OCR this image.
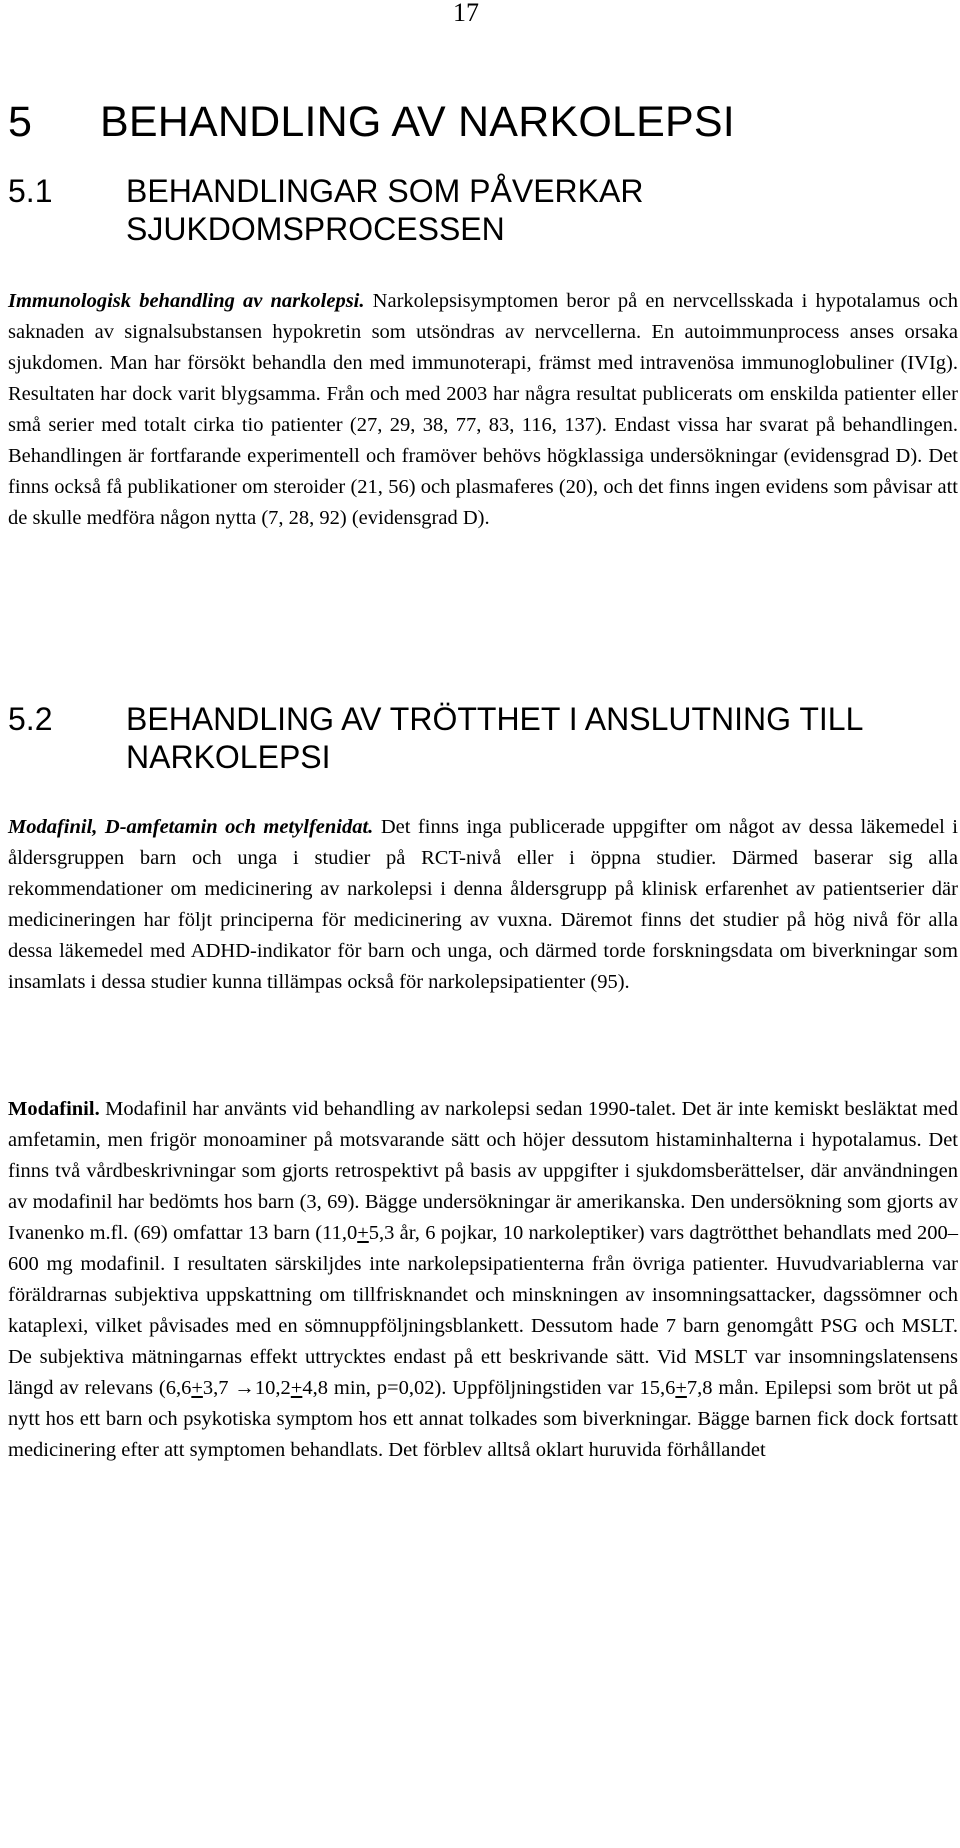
17
5 BEHANDLING AV NARKOLEPSI
5.1 BEHANDLINGAR SOM PÅVERKAR
SJUKDOMSPROCESSEN
Immunologisk behandling av narkolepsi. Narkolepsisymptomen beror på en nervcellsskada i hypotalamus och saknaden av signalsubstansen hypokretin som utsöndras av nervcellerna. En autoimmunprocess anses orsaka sjukdomen. Man har försökt behandla den med immunoterapi, främst med intravenösa immunoglobuliner (IVIg). Resultaten har dock varit blygsamma. Från och med 2003 har några resultat publicerats om enskilda patienter eller små serier med totalt cirka tio patienter (27, 29, 38, 77, 83, 116, 137). Endast vissa har svarat på behandlingen. Behandlingen är fortfarande experimentell och framöver behövs högklassiga undersökningar (evidensgrad D). Det finns också få publikationer om steroider (21, 56) och plasmaferes (20), och det finns ingen evidens som påvisar att de skulle medföra någon nytta (7, 28, 92) (evidensgrad D).
5.2 BEHANDLING AV TRÖTTHET I ANSLUTNING TILL
NARKOLEPSI
Modafinil, D-amfetamin och metylfenidat. Det finns inga publicerade uppgifter om något av dessa läkemedel i åldersgruppen barn och unga i studier på RCT-nivå eller i öppna studier. Därmed baserar sig alla rekommendationer om medicinering av narkolepsi i denna åldersgrupp på klinisk erfarenhet av patientserier där medicineringen har följt principerna för medicinering av vuxna. Däremot finns det studier på hög nivå för alla dessa läkemedel med ADHD-indikator för barn och unga, och därmed torde forskningsdata om biverkningar som insamlats i dessa studier kunna tillämpas också för narkolepsipatienter (95).
Modafinil. Modafinil har använts vid behandling av narkolepsi sedan 1990-talet. Det är inte kemiskt besläktat med amfetamin, men frigör monoaminer på motsvarande sätt och höjer dessutom histaminhalterna i hypotalamus. Det finns två vårdbeskrivningar som gjorts retrospektivt på basis av uppgifter i sjukdomsberättelser, där användningen av modafinil har bedömts hos barn (3, 69). Bägge undersökningar är amerikanska. Den undersökning som gjorts av Ivanenko m.fl. (69) omfattar 13 barn (11,0+5,3 år, 6 pojkar, 10 narkoleptiker) vars dagtrötthet behandlats med 200–600 mg modafinil. I resultaten särskiljdes inte narkolepsipatienterna från övriga patienter. Huvudvariablerna var föräldrarnas subjektiva uppskattning om tillfrisknandet och minskningen av insomningsattacker, dagssömner och kataplexi, vilket påvisades med en sömnuppföljningsblankett. Dessutom hade 7 barn genomgått PSG och MSLT. De subjektiva mätningarnas effekt uttrycktes endast på ett beskrivande sätt. Vid MSLT var insomningslatensens längd av relevans (6,6+3,7 →10,2+4,8 min, p=0,02). Uppföljningstiden var 15,6+7,8 mån. Epilepsi som bröt ut på nytt hos ett barn och psykotiska symptom hos ett annat tolkades som biverkningar. Bägge barnen fick dock fortsatt medicinering efter att symptomen behandlats. Det förblev alltså oklart huruvida förhållandet
